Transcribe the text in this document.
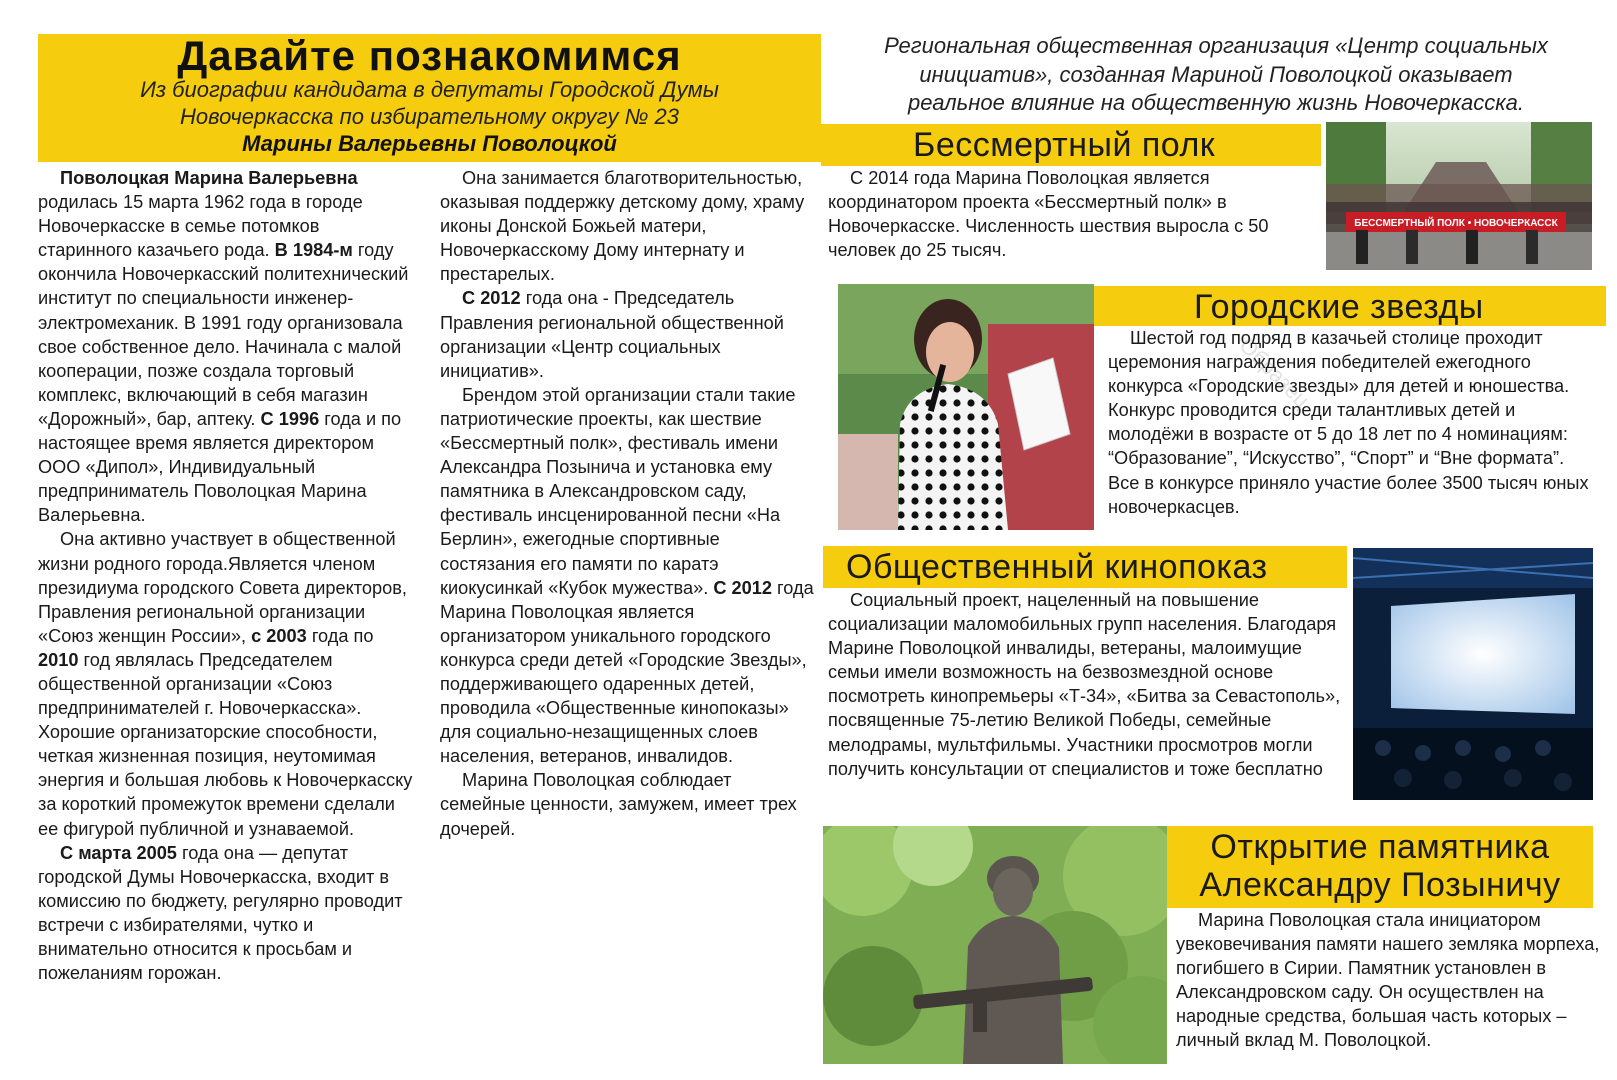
Давайте познакомимся
Из биографии кандидата в депутаты Городской Думы
Новочеркасска по избирательному округу № 23
Марины Валерьевны Поволоцкой
Региональная общественная организация «Центр социальных
инициатив», созданная Мариной Поволоцкой оказывает
реальное влияние на общественную жизнь Новочеркасска.

Поволоцкая Марина Валерьевна родилась 15 марта 1962 года в городе Новочеркасске в семье потомков старинного казачьего рода. В 1984-м году окончила Новочеркасский политехнический институт по специальности инженер-электромеханик. В 1991 году организовала свое собственное дело. Начинала с малой кооперации, позже создала торговый комплекс, включающий в себя магазин «Дорожный», бар, аптеку. С 1996 года и по настоящее время является директором ООО «Дипол», Индивидуальный предприниматель Поволоцкая Марина Валерьевна.

Она активно участвует в общественной жизни родного города.Является членом президиума городского Совета директоров, Правления региональной организации «Союз женщин России», с 2003 года по 2010 год являлась Председателем общественной организации «Союз предпринимателей г. Новочеркасска». Хорошие организаторские способности, четкая жизненная позиция, неутомимая энергия и большая любовь к Новочеркасску за короткий промежуток времени сделали ее фигурой публичной и узнаваемой.

С марта 2005 года она — депутат городской Думы Новочеркасска, входит в комиссию по бюджету, регулярно проводит встречи с избирателями, чутко и внимательно относится к просьбам и пожеланиям горожан.

Она занимается благотворительностью, оказывая поддержку детскому дому, храму иконы Донской Божьей матери, Новочеркасскому Дому интернату и престарелых.

С 2012 года она - Председатель Правления региональной общественной организации «Центр социальных инициатив».

Брендом этой организации стали такие патриотические проекты, как шествие «Бессмертный полк», фестиваль имени Александра Позынича и установка ему памятника в Александровском саду, фестиваль инсценированной песни «На Берлин», ежегодные спортивные состязания его памяти по каратэ киокусинкай «Кубок мужества». С 2012 года Марина Поволоцкая является организатором уникального городского конкурса среди детей «Городские Звезды», поддерживающего одаренных детей, проводила «Общественные кинопоказы» для социально-незащищенных слоев населения, ветеранов, инвалидов.

Марина Поволоцкая соблюдает семейные ценности, замужем, имеет трех дочерей.

Бессмертный полк

С 2014 года Марина Поволоцкая является координатором проекта «Бессмертный полк» в Новочеркасске. Численность шествия выросла с 50 человек до 25 тысяч.

БЕССМЕРТНЫЙ ПОЛК • НОВОЧЕРКАССК
Городские звезды

Шестой год подряд в казачьей столице проходит церемония награждения победителей ежегодного конкурса «Городские звезды» для детей и юношества. Конкурс проводится среди талантливых детей и молодёжи в возрасте от 5 до 18 лет по 4 номинациям: “Образование”, “Искусство”, “Спорт” и “Вне формата”. Все в конкурсе приняло участие более 3500 тысяч юных новочеркасцев.

Общественный кинопоказ

Социальный проект, нацеленный на повышение социализации маломобильных групп населения. Благодаря Марине Поволоцкой инвалиды, ветераны, малоимущие семьи имели возможность на безвозмездной основе посмотреть кинопремьеры «Т-34», «Битва за Севастополь», посвященные 75-летию Великой Победы, семейные мелодрамы, мультфильмы. Участники просмотров могли получить консультации от специалистов и тоже бесплатно

Открытие памятника
Александру Позыничу

Марина Поволоцкая стала инициатором увековечивания памяти нашего земляка морпеха, погибшего в Сирии. Памятник установлен в Александровском саду. Он осуществлен на народные средства, большая часть которых – личный вклад М. Поволоцкой.

Образец
